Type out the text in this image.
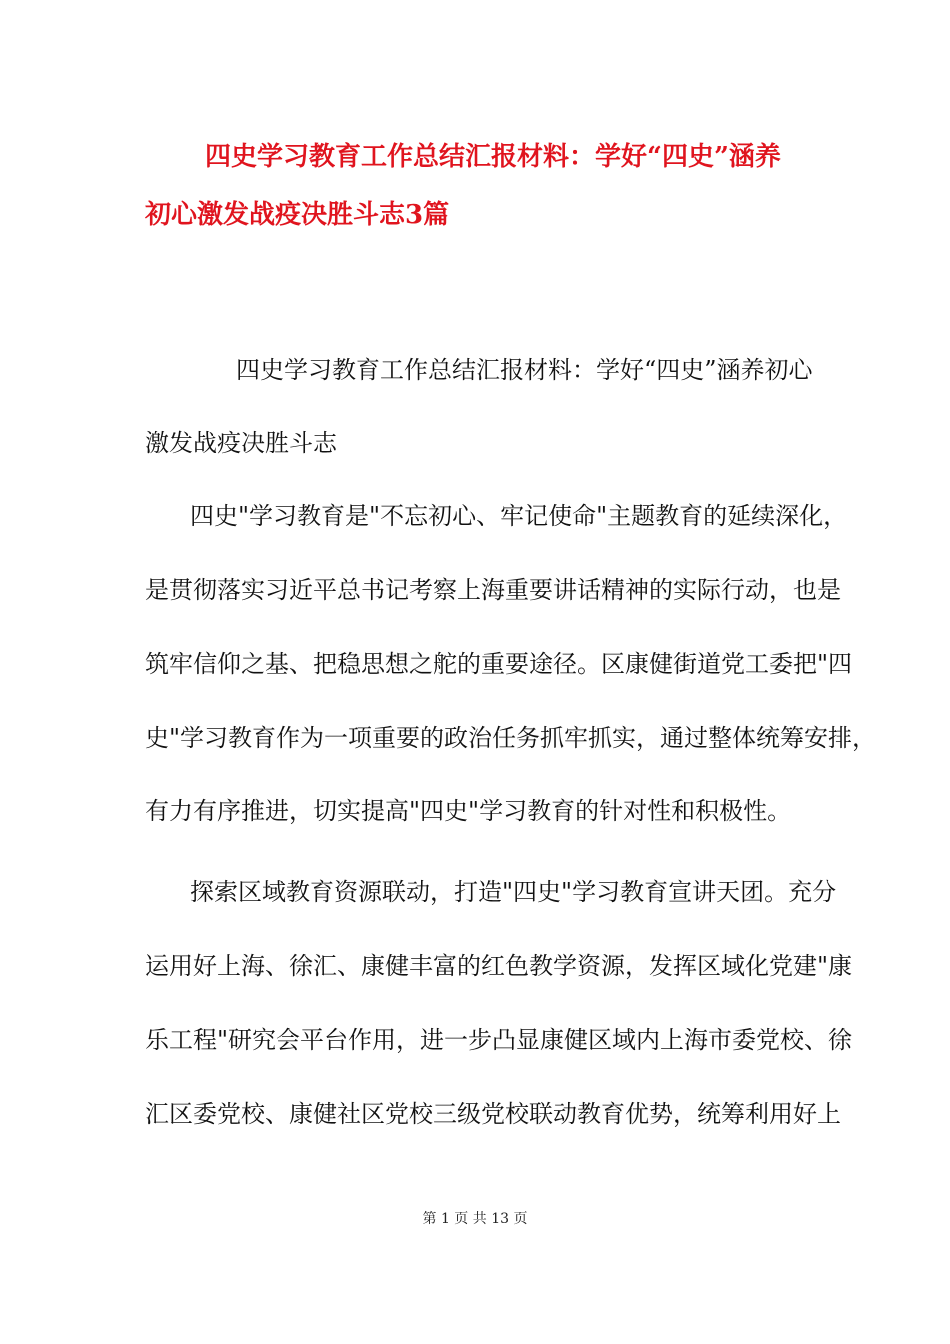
四史学习教育工作总结汇报材料：学好“四史”涵养
初心激发战疫决胜斗志3篇

四史学习教育工作总结汇报材料：学好“四史”涵养初心

激发战疫决胜斗志

四史"学习教育是"不忘初心、牢记使命"主题教育的延续深化，

是贯彻落实习近平总书记考察上海重要讲话精神的实际行动，也是

筑牢信仰之基、把稳思想之舵的重要途径。区康健街道党工委把"四

史"学习教育作为一项重要的政治任务抓牢抓实，通过整体统筹安排，

有力有序推进，切实提高"四史"学习教育的针对性和积极性。

探索区域教育资源联动，打造"四史"学习教育宣讲天团。充分

运用好上海、徐汇、康健丰富的红色教学资源，发挥区域化党建"康

乐工程"研究会平台作用，进一步凸显康健区域内上海市委党校、徐

汇区委党校、康健社区党校三级党校联动教育优势，统筹利用好上

第 1 页 共 13 页
